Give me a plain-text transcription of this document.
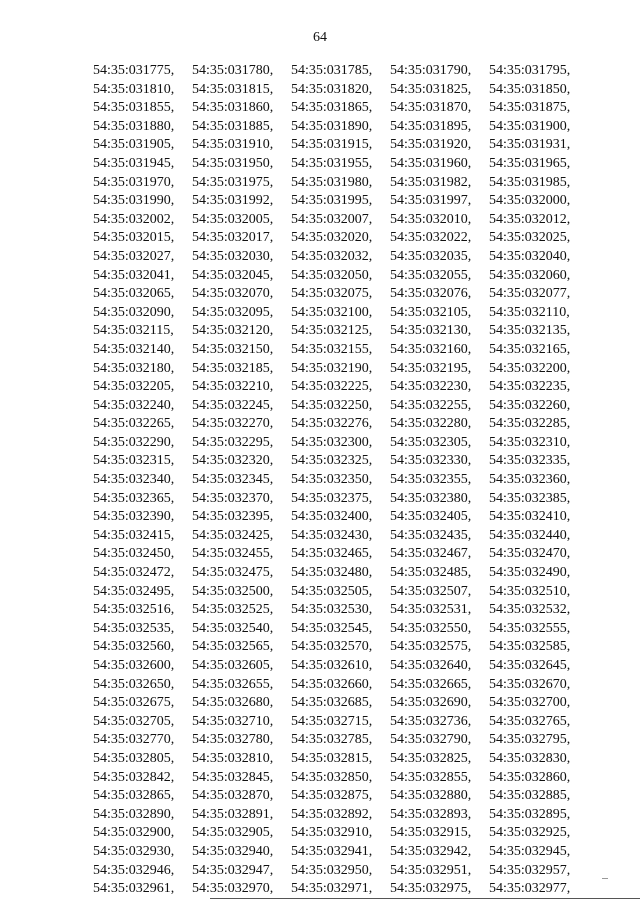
64
54:35:031775,	54:35:031780,	54:35:031785,	54:35:031790,	54:35:031795,
54:35:031810,	54:35:031815,	54:35:031820,	54:35:031825,	54:35:031850,
54:35:031855,	54:35:031860,	54:35:031865,	54:35:031870,	54:35:031875,
54:35:031880,	54:35:031885,	54:35:031890,	54:35:031895,	54:35:031900,
54:35:031905,	54:35:031910,	54:35:031915,	54:35:031920,	54:35:031931,
54:35:031945,	54:35:031950,	54:35:031955,	54:35:031960,	54:35:031965,
54:35:031970,	54:35:031975,	54:35:031980,	54:35:031982,	54:35:031985,
54:35:031990,	54:35:031992,	54:35:031995,	54:35:031997,	54:35:032000,
54:35:032002,	54:35:032005,	54:35:032007,	54:35:032010,	54:35:032012,
54:35:032015,	54:35:032017,	54:35:032020,	54:35:032022,	54:35:032025,
54:35:032027,	54:35:032030,	54:35:032032,	54:35:032035,	54:35:032040,
54:35:032041,	54:35:032045,	54:35:032050,	54:35:032055,	54:35:032060,
54:35:032065,	54:35:032070,	54:35:032075,	54:35:032076,	54:35:032077,
54:35:032090,	54:35:032095,	54:35:032100,	54:35:032105,	54:35:032110,
54:35:032115,	54:35:032120,	54:35:032125,	54:35:032130,	54:35:032135,
54:35:032140,	54:35:032150,	54:35:032155,	54:35:032160,	54:35:032165,
54:35:032180,	54:35:032185,	54:35:032190,	54:35:032195,	54:35:032200,
54:35:032205,	54:35:032210,	54:35:032225,	54:35:032230,	54:35:032235,
54:35:032240,	54:35:032245,	54:35:032250,	54:35:032255,	54:35:032260,
54:35:032265,	54:35:032270,	54:35:032276,	54:35:032280,	54:35:032285,
54:35:032290,	54:35:032295,	54:35:032300,	54:35:032305,	54:35:032310,
54:35:032315,	54:35:032320,	54:35:032325,	54:35:032330,	54:35:032335,
54:35:032340,	54:35:032345,	54:35:032350,	54:35:032355,	54:35:032360,
54:35:032365,	54:35:032370,	54:35:032375,	54:35:032380,	54:35:032385,
54:35:032390,	54:35:032395,	54:35:032400,	54:35:032405,	54:35:032410,
54:35:032415,	54:35:032425,	54:35:032430,	54:35:032435,	54:35:032440,
54:35:032450,	54:35:032455,	54:35:032465,	54:35:032467,	54:35:032470,
54:35:032472,	54:35:032475,	54:35:032480,	54:35:032485,	54:35:032490,
54:35:032495,	54:35:032500,	54:35:032505,	54:35:032507,	54:35:032510,
54:35:032516,	54:35:032525,	54:35:032530,	54:35:032531,	54:35:032532,
54:35:032535,	54:35:032540,	54:35:032545,	54:35:032550,	54:35:032555,
54:35:032560,	54:35:032565,	54:35:032570,	54:35:032575,	54:35:032585,
54:35:032600,	54:35:032605,	54:35:032610,	54:35:032640,	54:35:032645,
54:35:032650,	54:35:032655,	54:35:032660,	54:35:032665,	54:35:032670,
54:35:032675,	54:35:032680,	54:35:032685,	54:35:032690,	54:35:032700,
54:35:032705,	54:35:032710,	54:35:032715,	54:35:032736,	54:35:032765,
54:35:032770,	54:35:032780,	54:35:032785,	54:35:032790,	54:35:032795,
54:35:032805,	54:35:032810,	54:35:032815,	54:35:032825,	54:35:032830,
54:35:032842,	54:35:032845,	54:35:032850,	54:35:032855,	54:35:032860,
54:35:032865,	54:35:032870,	54:35:032875,	54:35:032880,	54:35:032885,
54:35:032890,	54:35:032891,	54:35:032892,	54:35:032893,	54:35:032895,
54:35:032900,	54:35:032905,	54:35:032910,	54:35:032915,	54:35:032925,
54:35:032930,	54:35:032940,	54:35:032941,	54:35:032942,	54:35:032945,
54:35:032946,	54:35:032947,	54:35:032950,	54:35:032951,	54:35:032957,
54:35:032961,	54:35:032970,	54:35:032971,	54:35:032975,	54:35:032977,
